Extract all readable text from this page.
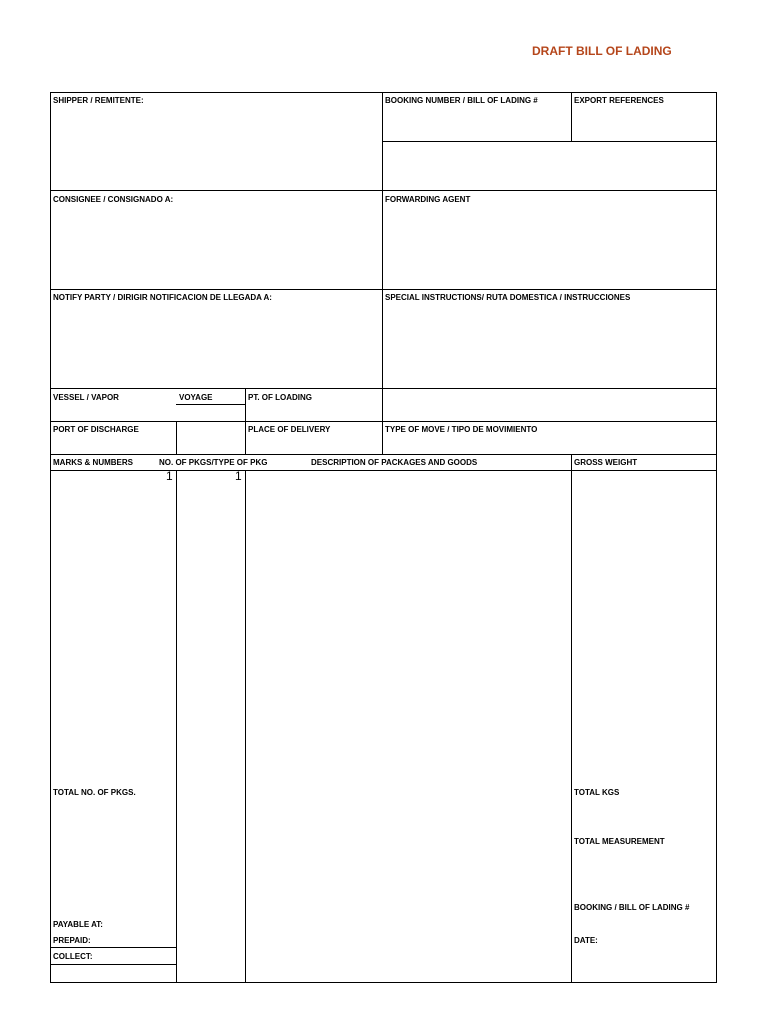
DRAFT BILL OF LADING
SHIPPER / REMITENTE:	BOOKING NUMBER / BILL OF LADING #	EXPORT REFERENCES
CONSIGNEE / CONSIGNADO A:	FORWARDING AGENT
NOTIFY PARTY / DIRIGIR NOTIFICACION DE LLEGADA A:	SPECIAL INSTRUCTIONS/ RUTA DOMESTICA / INSTRUCCIONES
VESSEL / VAPOR	VOYAGE	PT. OF LOADING
PORT OF DISCHARGE	PLACE OF DELIVERY	TYPE OF MOVE / TIPO DE MOVIMIENTO
MARKS & NUMBERS	NO. OF PKGS/TYPE OF PKG	DESCRIPTION OF PACKAGES AND GOODS	GROSS WEIGHT
1	1
TOTAL NO. OF PKGS.	TOTAL KGS
TOTAL MEASUREMENT
BOOKING / BILL OF LADING #
PAYABLE AT:
PREPAID:	DATE:
COLLECT:
